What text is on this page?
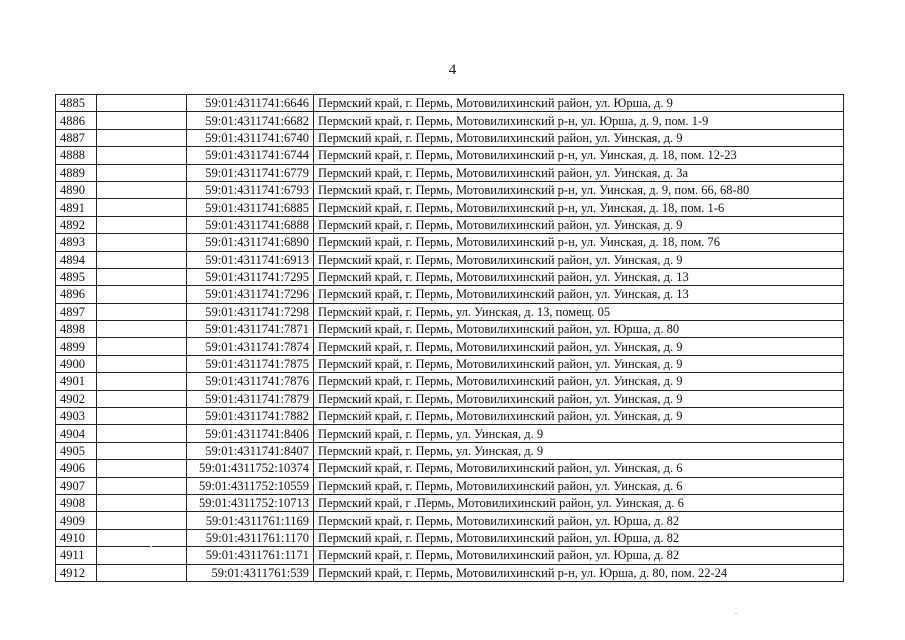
4
4885		59:01:4311741:6646	Пермский край, г. Пермь, Мотовилихинский район, ул. Юрша, д. 9
4886		59:01:4311741:6682	Пермский край, г. Пермь, Мотовилихинский р-н, ул. Юрша, д. 9, пом. 1-9
4887		59:01:4311741:6740	Пермский край, г. Пермь, Мотовилихинский район, ул. Уинская, д. 9
4888		59:01:4311741:6744	Пермский край, г. Пермь, Мотовилихинский р-н, ул. Уинская, д. 18, пом. 12-23
4889		59:01:4311741:6779	Пермский край, г. Пермь, Мотовилихинский район, ул. Уинская, д. 3а
4890		59:01:4311741:6793	Пермский край, г. Пермь, Мотовилихинский р-н, ул. Уинская, д. 9, пом. 66, 68-80
4891		59:01:4311741:6885	Пермский край, г. Пермь, Мотовилихинский р-н, ул. Уинская, д. 18, пом. 1-6
4892		59:01:4311741:6888	Пермский край, г. Пермь, Мотовилихинский район, ул. Уинская, д. 9
4893		59:01:4311741:6890	Пермский край, г. Пермь, Мотовилихинский р-н, ул. Уинская, д. 18, пом. 76
4894		59:01:4311741:6913	Пермский край, г. Пермь, Мотовилихинский район, ул. Уинская, д. 9
4895		59:01:4311741:7295	Пермский край, г. Пермь, Мотовилихинский район, ул. Уинская, д. 13
4896		59:01:4311741:7296	Пермский край, г. Пермь, Мотовилихинский район, ул. Уинская, д. 13
4897		59:01:4311741:7298	Пермский край, г. Пермь, ул. Уинская, д. 13, помещ. 05
4898		59:01:4311741:7871	Пермский край, г. Пермь, Мотовилихинский район, ул. Юрша, д. 80
4899		59:01:4311741:7874	Пермский край, г. Пермь, Мотовилихинский район, ул. Уинская, д. 9
4900		59:01:4311741:7875	Пермский край, г. Пермь, Мотовилихинский район, ул. Уинская, д. 9
4901		59:01:4311741:7876	Пермский край, г. Пермь, Мотовилихинский район, ул. Уинская, д. 9
4902		59:01:4311741:7879	Пермский край, г. Пермь, Мотовилихинский район, ул. Уинская, д. 9
4903		59:01:4311741:7882	Пермский край, г. Пермь, Мотовилихинский район, ул. Уинская, д. 9
4904		59:01:4311741:8406	Пермский край, г. Пермь, ул. Уинская, д. 9
4905		59:01:4311741:8407	Пермский край, г. Пермь, ул. Уинская, д. 9
4906		59:01:4311752:10374	Пермский край, г. Пермь, Мотовилихинский район, ул. Уинская, д. 6
4907		59:01:4311752:10559	Пермский край, г. Пермь, Мотовилихинский район, ул. Уинская, д. 6
4908		59:01:4311752:10713	Пермский край, г .Пермь, Мотовилихинский район, ул. Уинская, д. 6
4909		59:01:4311761:1169	Пермский край, г. Пермь, Мотовилихинский район, ул. Юрша, д. 82
4910		59:01:4311761:1170	Пермский край, г. Пермь, Мотовилихинский район, ул. Юрша, д. 82
4911		59:01:4311761:1171	Пермский край, г. Пермь, Мотовилихинский район, ул. Юрша, д. 82
4912		59:01:4311761:539	Пермский край, г. Пермь, Мотовилихинский р-н, ул. Юрша, д. 80, пом. 22-24
